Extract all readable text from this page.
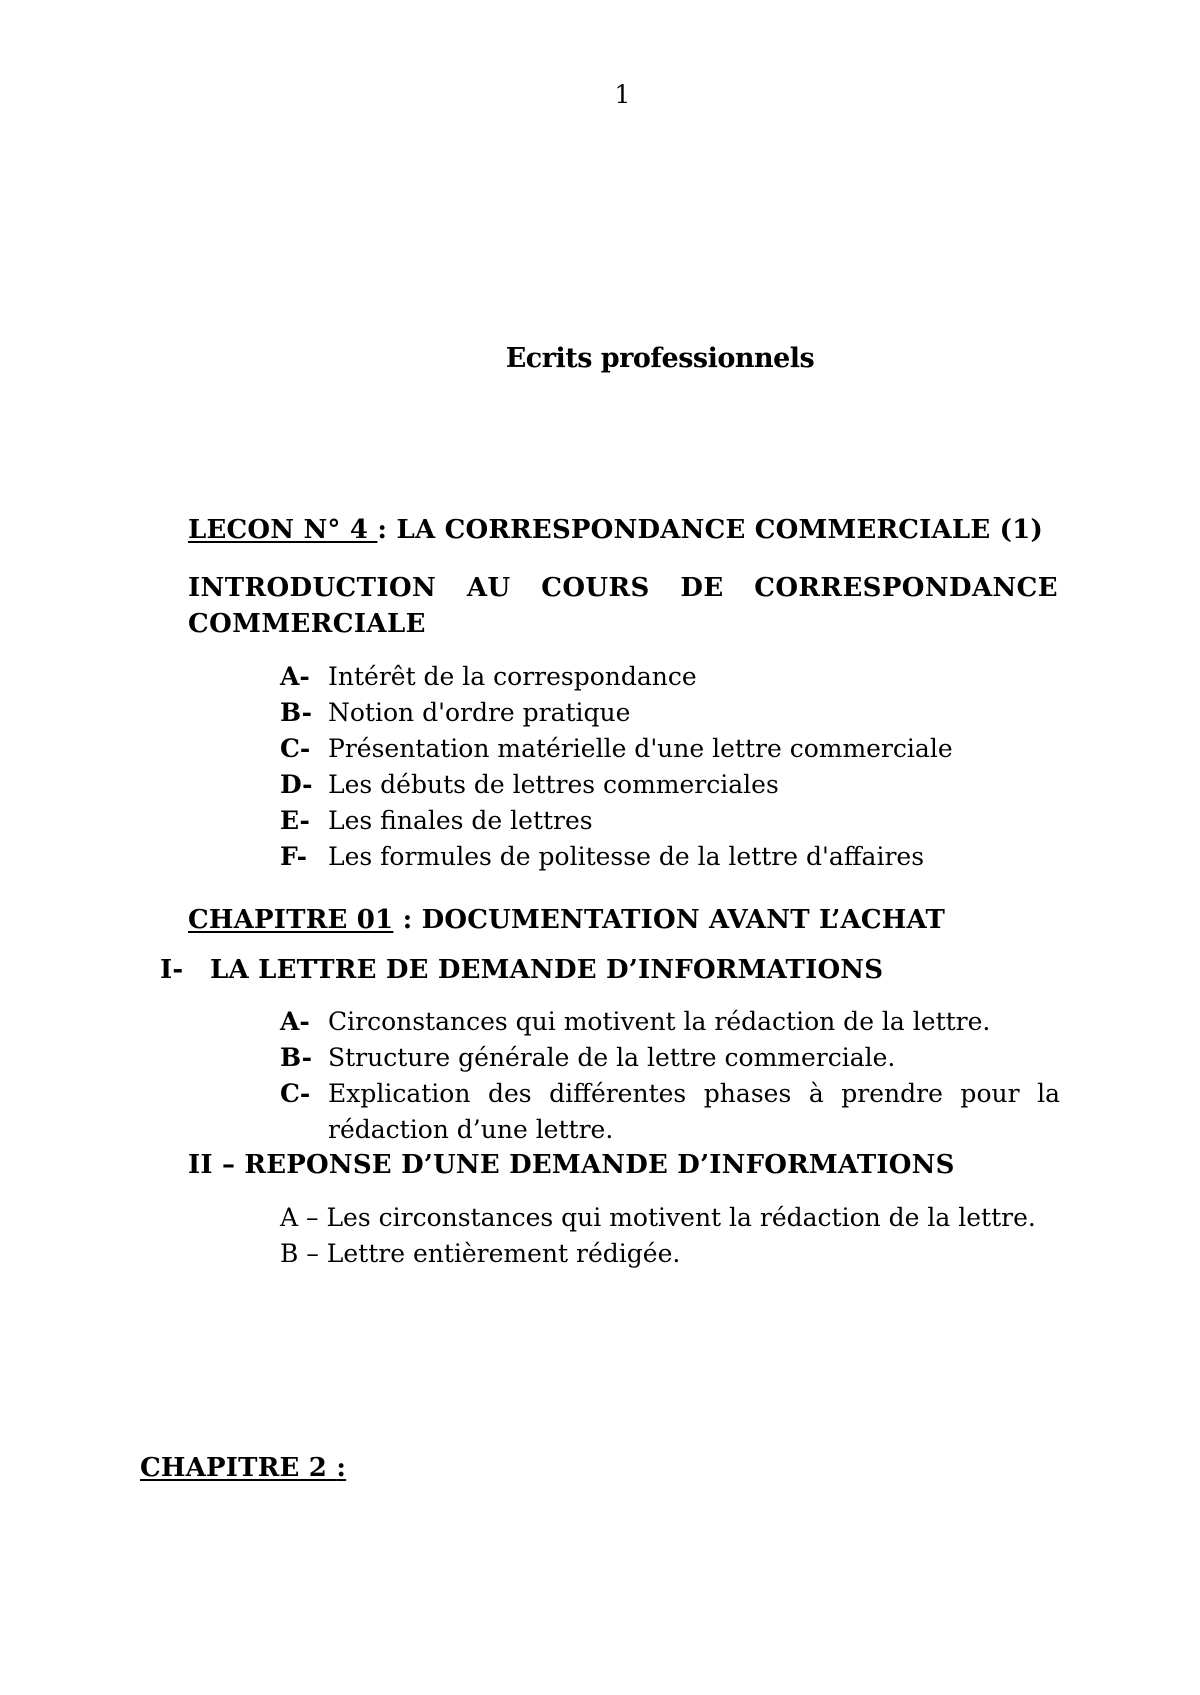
1

Ecrits professionnels

LECON N° 4 : LA CORRESPONDANCE COMMERCIALE (1)

INTRODUCTION AU COURS DE CORRESPONDANCE
COMMERCIALE
A- Intérêt de la correspondance
B- Notion d'ordre pratique
C- Présentation matérielle d'une lettre commerciale
D- Les débuts de lettres commerciales
E- Les finales de lettres
F- Les formules de politesse de la lettre d'affaires

CHAPITRE 01 : DOCUMENTATION AVANT L’ACHAT

I- LA LETTRE DE DEMANDE D’INFORMATIONS

A- Circonstances qui motivent la rédaction de la lettre.
B- Structure générale de la lettre commerciale.
C- Explication des différentes phases à prendre pour la rédaction d’une lettre.

II – REPONSE D’UNE DEMANDE D’INFORMATIONS

A – Les circonstances qui motivent la rédaction de la lettre.
B – Lettre entièrement rédigée.

CHAPITRE 2 :
